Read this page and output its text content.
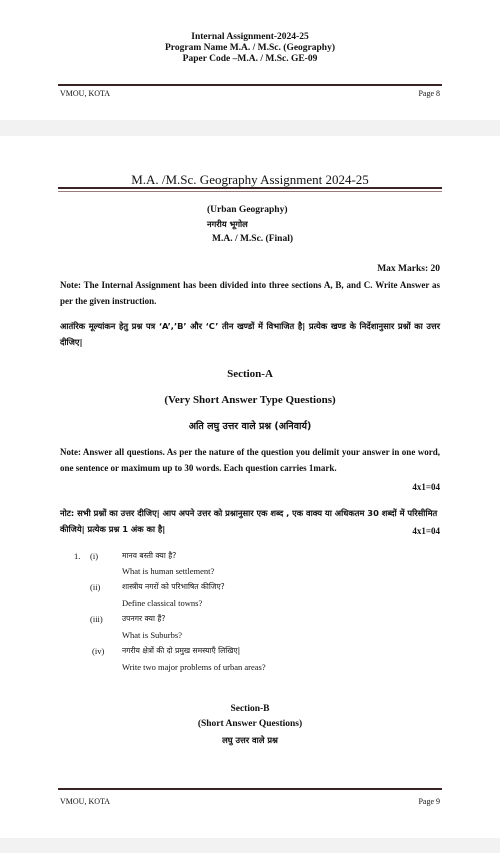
Internal Assignment-2024-25
Program Name M.A. / M.Sc. (Geography)
Paper Code –M.A. / M.Sc. GE-09
VMOU, KOTA	Page 8
M.A. /M.Sc. Geography Assignment 2024-25
(Urban Geography)
नगरीय भूगोल
M.A. / M.Sc. (Final)
Max Marks: 20
Note: The Internal Assignment has been divided into three sections A, B, and C. Write Answer as per the given instruction.
आतंरिक मूल्यांकन हेतु प्रश्न पत्र ‘A’,’B’ और ‘C’ तीन खण्डों में विभाजित है| प्रत्येक खण्ड के निर्देशानुसार प्रश्नों का उत्तर दीजिए|
Section-A
(Very Short Answer Type Questions)
अति लघु उत्तर वाले प्रश्न (अनिवार्य)
Note: Answer all questions. As per the nature of the question you delimit your answer in one word, one sentence or maximum up to 30 words. Each question carries 1mark.
4x1=04
नोट: सभी प्रश्नों का उत्तर दीजिए| आप अपने उत्तर को प्रश्नानुसार एक शब्द , एक वाक्य या अधिकतम 30 शब्दों में परिसीमित कीजिये| प्रत्येक प्रश्न 1 अंक का है|	4x1=04
1. (i)	मानव बस्ती क्या है?
What is human settlement?
(ii)	शास्त्रीय नगरों को परिभाषित कीजिए?
Define classical towns?
(iii)	उपनगर क्या हैं?
What is Suburbs?
(iv) नगरीय क्षेत्रों की दो प्रमुख समस्याएँ लिखिए|
Write two major problems of urban areas?
Section-B
(Short Answer Questions)
लघु उत्तर वाले प्रश्न
VMOU, KOTA	Page 9
